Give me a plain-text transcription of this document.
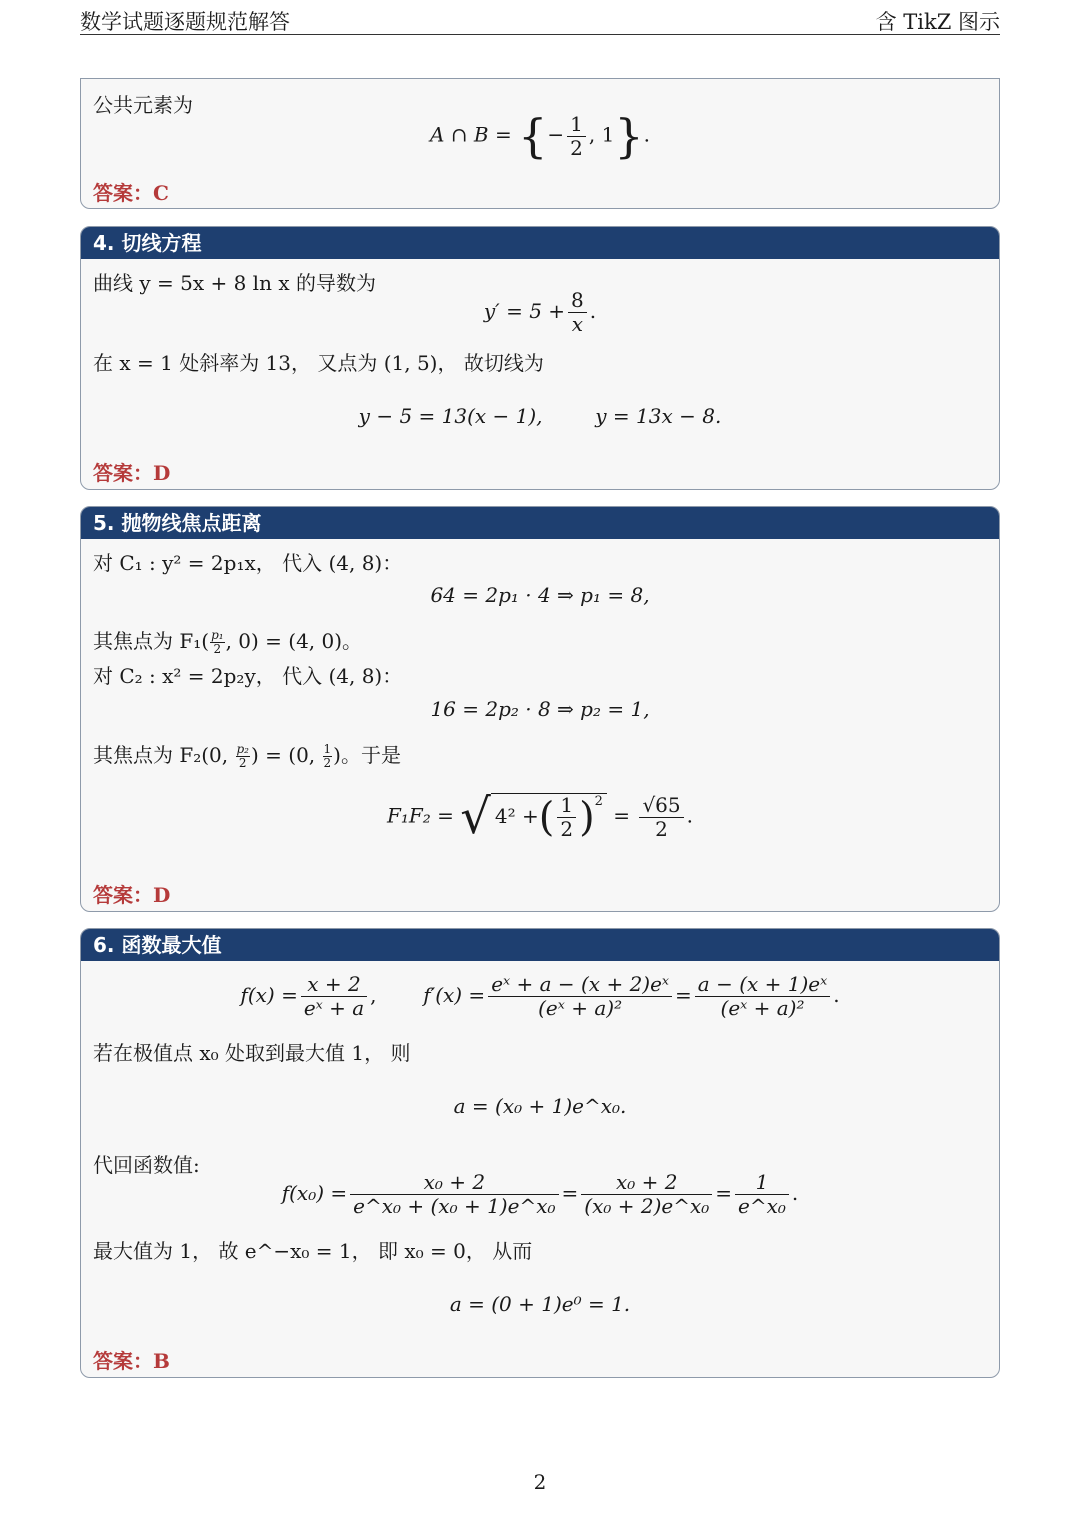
数学试题逐题规范解答	含 TikZ 图示
公共元素为
A ∩ B = {− $\frac{1}{2}$ , 1}.
答案：C
4. 切线方程
曲线 y = 5x + 8 ln x 的导数为
$y' = 5 + \frac{8}{x}$ .
在 x = 1 处斜率为 13， 又点为 (1, 5)， 故切线为
y − 5 = 13(x − 1),	y = 13x − 8.
答案：D
5. 抛物线焦点距离
对 C₁ : y² = 2p₁x， 代入 (4, 8)：
64 = 2p₁ · 4 ⇒ p₁ = 8,
其焦点为 $F_1( \frac{\text{p₁}}{2}$ , 0) = (4, 0)。
对 C₂ : x² = 2p₂y， 代入 (4, 8)：
16 = 2p₂ · 8 ⇒ p₂ = 1,
其焦点为 F₂(0, $\frac{\text{p₂}}{2}$ ) = (0, $\frac{1}{2}$ )。于是
F₁F₂ = √ 4² +( $\frac{1}{2} )^2 = \frac{√65}{2}$ .
答案：D
6. 函数最大值
$f(x) = \frac{x + 2}{\text{eˣ + a}}$ ,  $f'(x) = \frac{\text{eˣ + a − (x + 2)eˣ}}{\text{(eˣ + a)²}} = \frac{\text{a − (x + 1)eˣ}}{\text{(eˣ + a)²}}$ .
若在极值点 x₀ 处取到最大值 1， 则
a = (x₀ + 1)e^x₀.
代回函数值:
$f(x_0) = \frac{\text{x₀ + 2}}{\text{e\textasciicircum{}x₀ + (x₀ + 1)e\textasciicircum{}x₀}} = \frac{\text{x₀ + 2}}{\text{(x₀ + 2)e\textasciicircum{}x₀}} = \frac{1}{\text{e\textasciicircum{}x₀}}$ .
最大值为 1， 故 e^−x₀ = 1， 即 x₀ = 0， 从而
a = (0 + 1)e⁰ = 1.
答案：B
2
